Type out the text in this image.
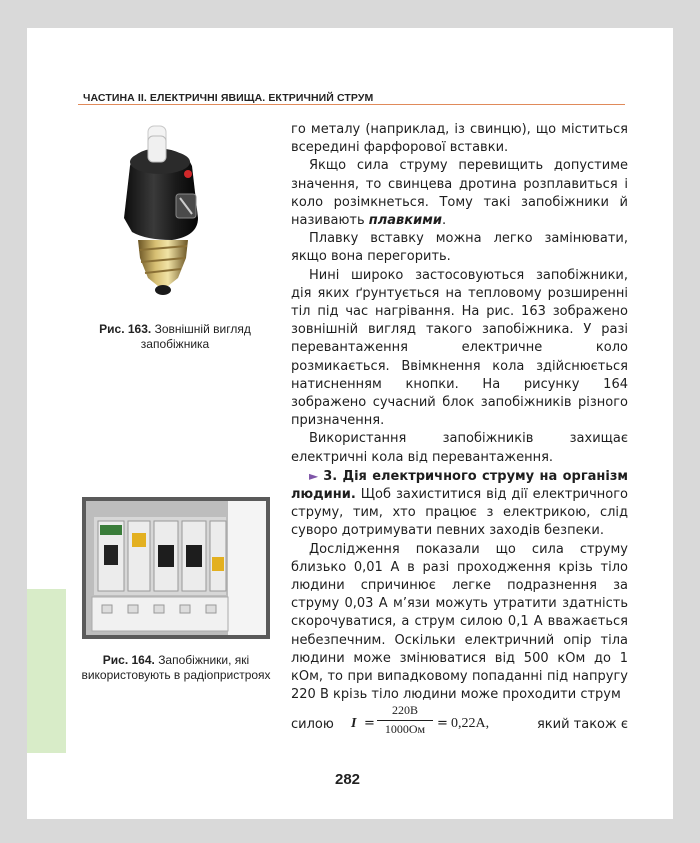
ЧАСТИНА II. ЕЛЕКТРИЧНІ ЯВИЩА. ЕКТРИЧНИЙ СТРУМ
Рис. 163. Зовнішній вигляд запобіжника
Рис. 164. Запобіжники, які використовують в радіопристроях

го металу (наприклад, із свинцю), що міститься всередині фарфорової вставки.

Якщо сила струму перевищить допустиме значення, то свинцева дротина розплавиться і коло розімкнеться. Тому такі запобіжники й називають плавкими.

Плавку вставку можна легко замінювати, якщо вона перегорить.

Нині широко застосовуються запобіжники, дія яких ґрунтується на тепловому розширенні тіл під час нагрівання. На рис. 163 зображено зовнішній вигляд такого запобіжника. У разі перевантаження електричне коло розмикається. Ввімкнення кола здійснюється натисненням кнопки. На рисунку 164 зображено сучасний блок запобіжників різного призначення.

Використання запобіжників захищає електричні кола від перевантаження.

► 3. Дія електричного струму на організм людини. Щоб захиститися від дії електричного струму, тим, хто працює з електрикою, слід суворо дотримувати певних заходів безпеки.

Дослідження показали що сила струму близько 0,01 А в разі проходження крізь тіло людини спричинює легке подразнення за струму 0,03 А м’язи можуть утратити здатність скорочуватися, а струм силою 0,1 А вважається небезпечним. Оскільки електричний опір тіла людини може змінюватися від 500 кОм до 1 кОм, то при випадковому попаданні під напругу 220 В крізь тіло людини може проходити струм

силою I =
220В
1000Ом = 0,22А,	який також є
282
